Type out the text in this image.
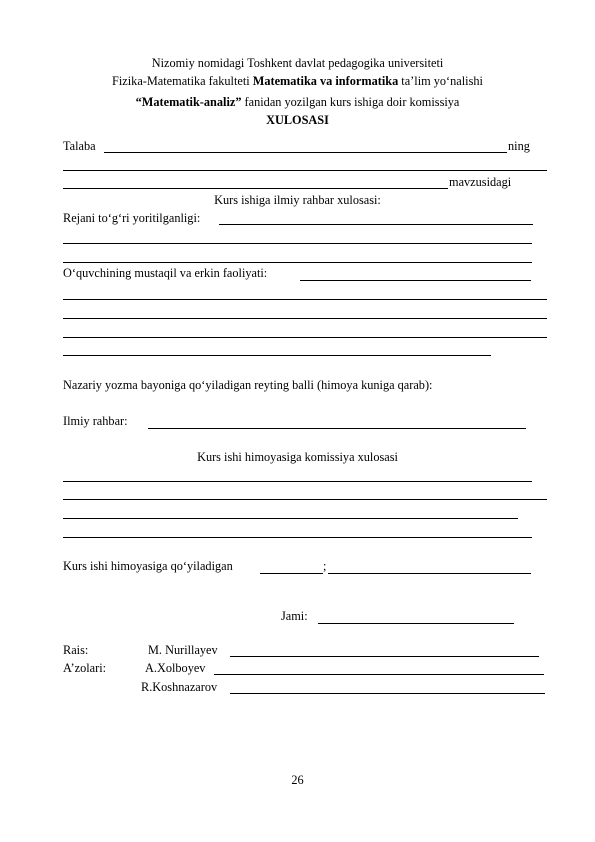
Nizomiy nomidagi Toshkent davlat pedagogika universiteti
Fizika-Matematika fakulteti Matematika va informatika ta’lim yo‘nalishi
“Matematik-analiz” fanidan yozilgan kurs ishiga doir komissiya
XULOSASI
Talaba	ning
mavzusidagi
Kurs ishiga ilmiy rahbar xulosasi:
Rejani to‘g‘ri yoritilganligi:
O‘quvchining mustaqil va erkin faoliyati:
Nazariy yozma bayoniga qo‘yiladigan reyting balli (himoya kuniga qarab):
Ilmiy rahbar:
Kurs ishi himoyasiga komissiya xulosasi
Kurs ishi himoyasiga qo‘yiladigan	;
Jami:
Rais:	M. Nurillayev
A’zolari:	A.Xolboyev
R.Koshnazarov
26
